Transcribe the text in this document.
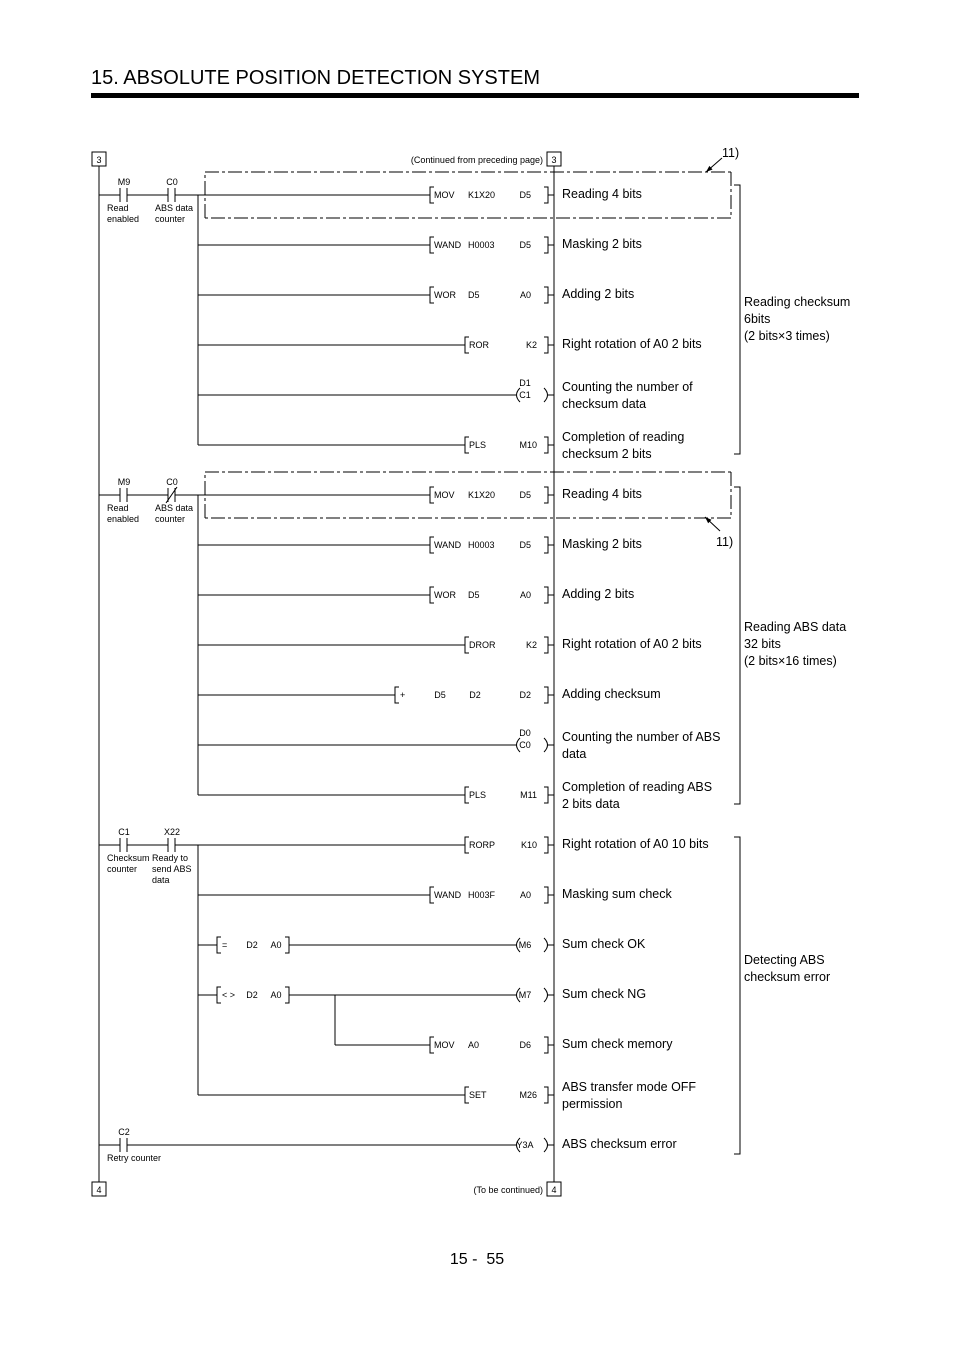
15. ABSOLUTE POSITION DETECTION SYSTEM
3	3
4	4
(Continued from preceding page)
(To be continued)
M9
Read
enabled
C0
ABS data
counter
M9
Read
enabled
C0
ABS data
counter
C1
Checksum
counter
X22
Ready to
send ABS
data
C2
Retry counter
MOV K1X20	D5
WAND H0003	D5
WOR D5	A0
ROR	K2
C1
D1
PLS	M10
MOV K1X20	D5
WAND H0003	D5
WOR D5	A0
DROR	K2
+	D5	D2	D2
C0
D0
PLS	M11
RORP	K10
WAND H003F	A0
= D2 A0	M6
< > D2 A0	M7
MOV A0	D6
SET	M26
Y3A
Reading 4 bits
Masking 2 bits
Adding 2 bits
Right rotation of A0 2 bits
Counting the number of
checksum data
Completion of reading
checksum 2 bits
Reading 4 bits
Masking 2 bits
Adding 2 bits
Right rotation of A0 2 bits
Adding checksum
Counting the number of ABS
data
Completion of reading ABS
2 bits data
Right rotation of A0 10 bits
Masking sum check
Sum check OK
Sum check NG
Sum check memory
ABS transfer mode OFF
permission
ABS checksum error
11)
11)
Reading checksum
6bits
(2 bits×3 times)
Reading ABS data
32 bits
(2 bits×16 times)
Detecting ABS
checksum error
15 -  55
